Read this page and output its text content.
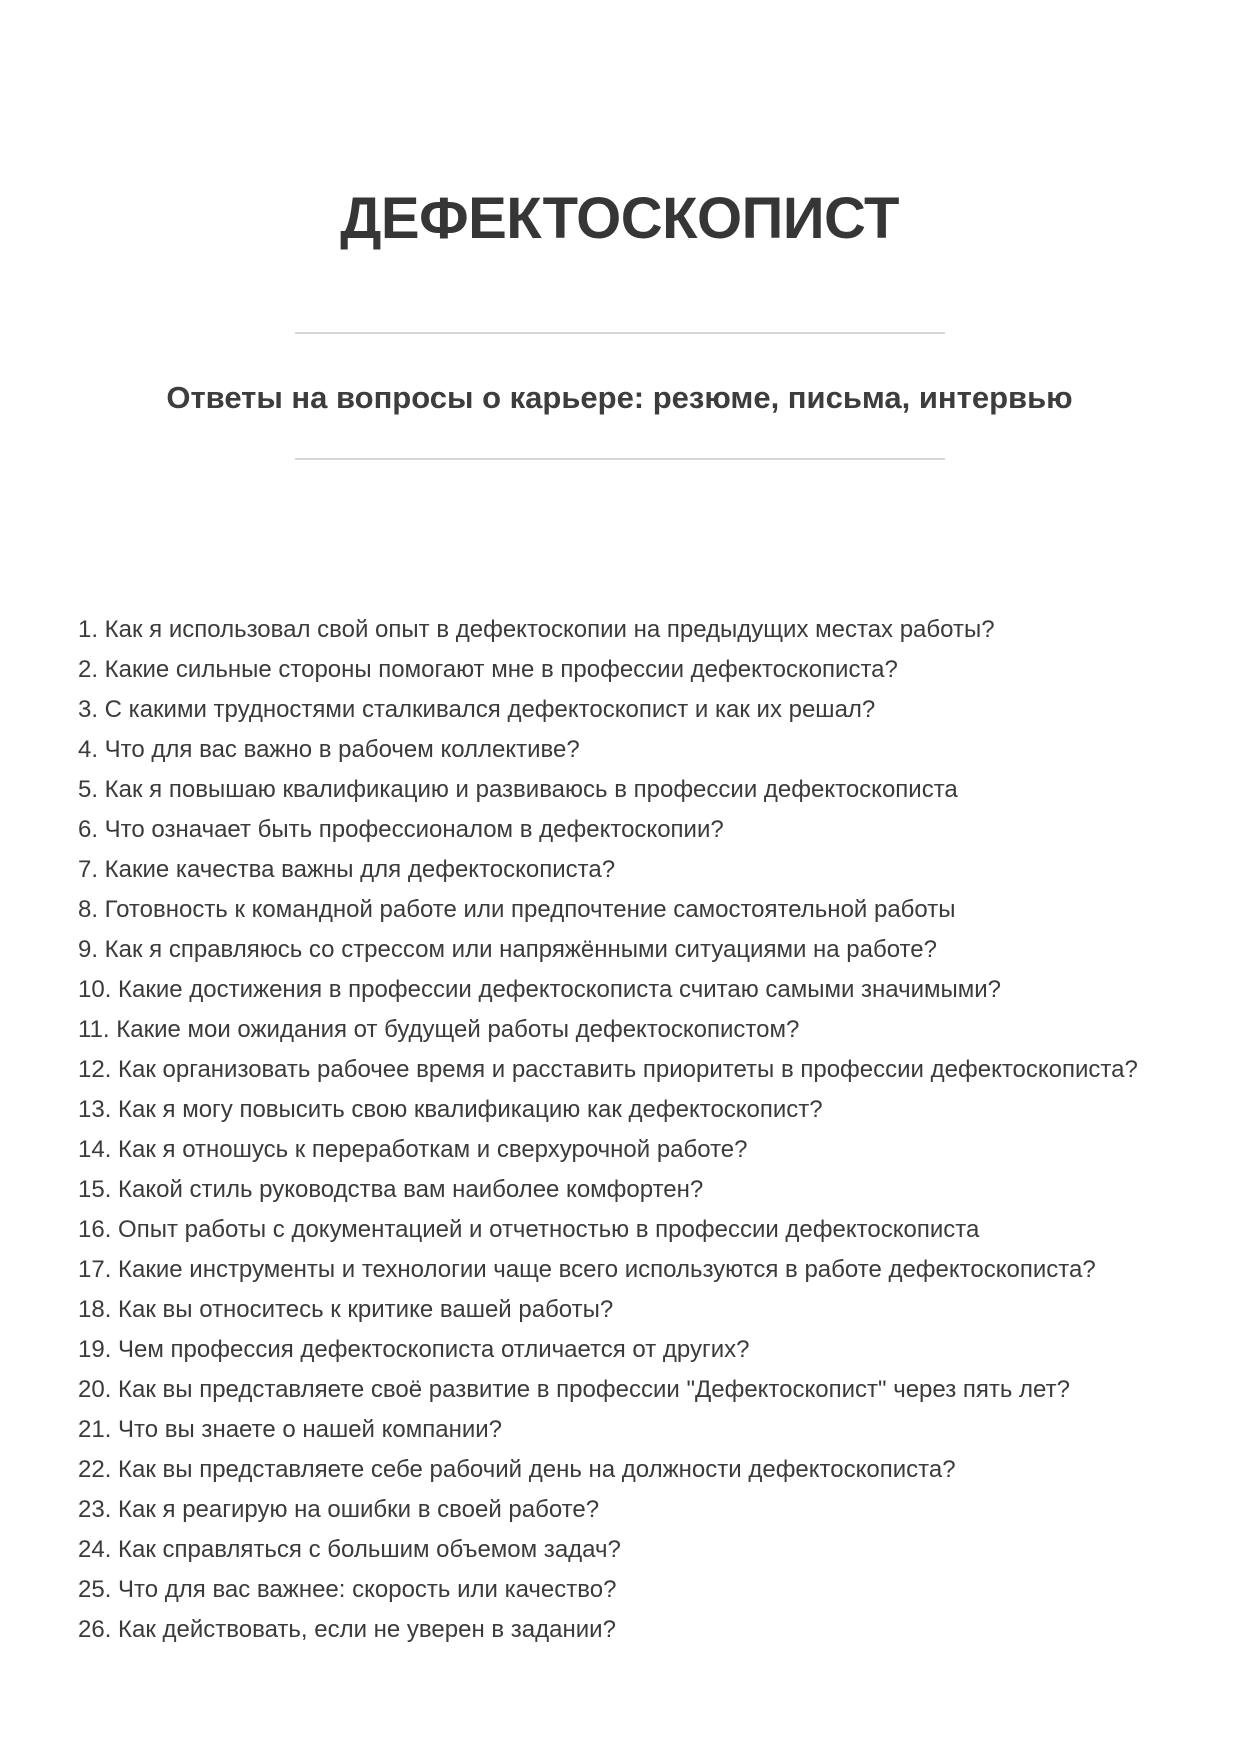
ДЕФЕКТОСКОПИСТ
Ответы на вопросы о карьере: резюме, письма, интервью
1. Как я использовал свой опыт в дефектоскопии на предыдущих местах работы?
2. Какие сильные стороны помогают мне в профессии дефектоскописта?
3. С какими трудностями сталкивался дефектоскопист и как их решал?
4. Что для вас важно в рабочем коллективе?
5. Как я повышаю квалификацию и развиваюсь в профессии дефектоскописта
6. Что означает быть профессионалом в дефектоскопии?
7. Какие качества важны для дефектоскописта?
8. Готовность к командной работе или предпочтение самостоятельной работы
9. Как я справляюсь со стрессом или напряжёнными ситуациями на работе?
10. Какие достижения в профессии дефектоскописта считаю самыми значимыми?
11. Какие мои ожидания от будущей работы дефектоскопистом?
12. Как организовать рабочее время и расставить приоритеты в профессии дефектоскописта?
13. Как я могу повысить свою квалификацию как дефектоскопист?
14. Как я отношусь к переработкам и сверхурочной работе?
15. Какой стиль руководства вам наиболее комфортен?
16. Опыт работы с документацией и отчетностью в профессии дефектоскописта
17. Какие инструменты и технологии чаще всего используются в работе дефектоскописта?
18. Как вы относитесь к критике вашей работы?
19. Чем профессия дефектоскописта отличается от других?
20. Как вы представляете своё развитие в профессии "Дефектоскопист" через пять лет?
21. Что вы знаете о нашей компании?
22. Как вы представляете себе рабочий день на должности дефектоскописта?
23. Как я реагирую на ошибки в своей работе?
24. Как справляться с большим объемом задач?
25. Что для вас важнее: скорость или качество?
26. Как действовать, если не уверен в задании?
